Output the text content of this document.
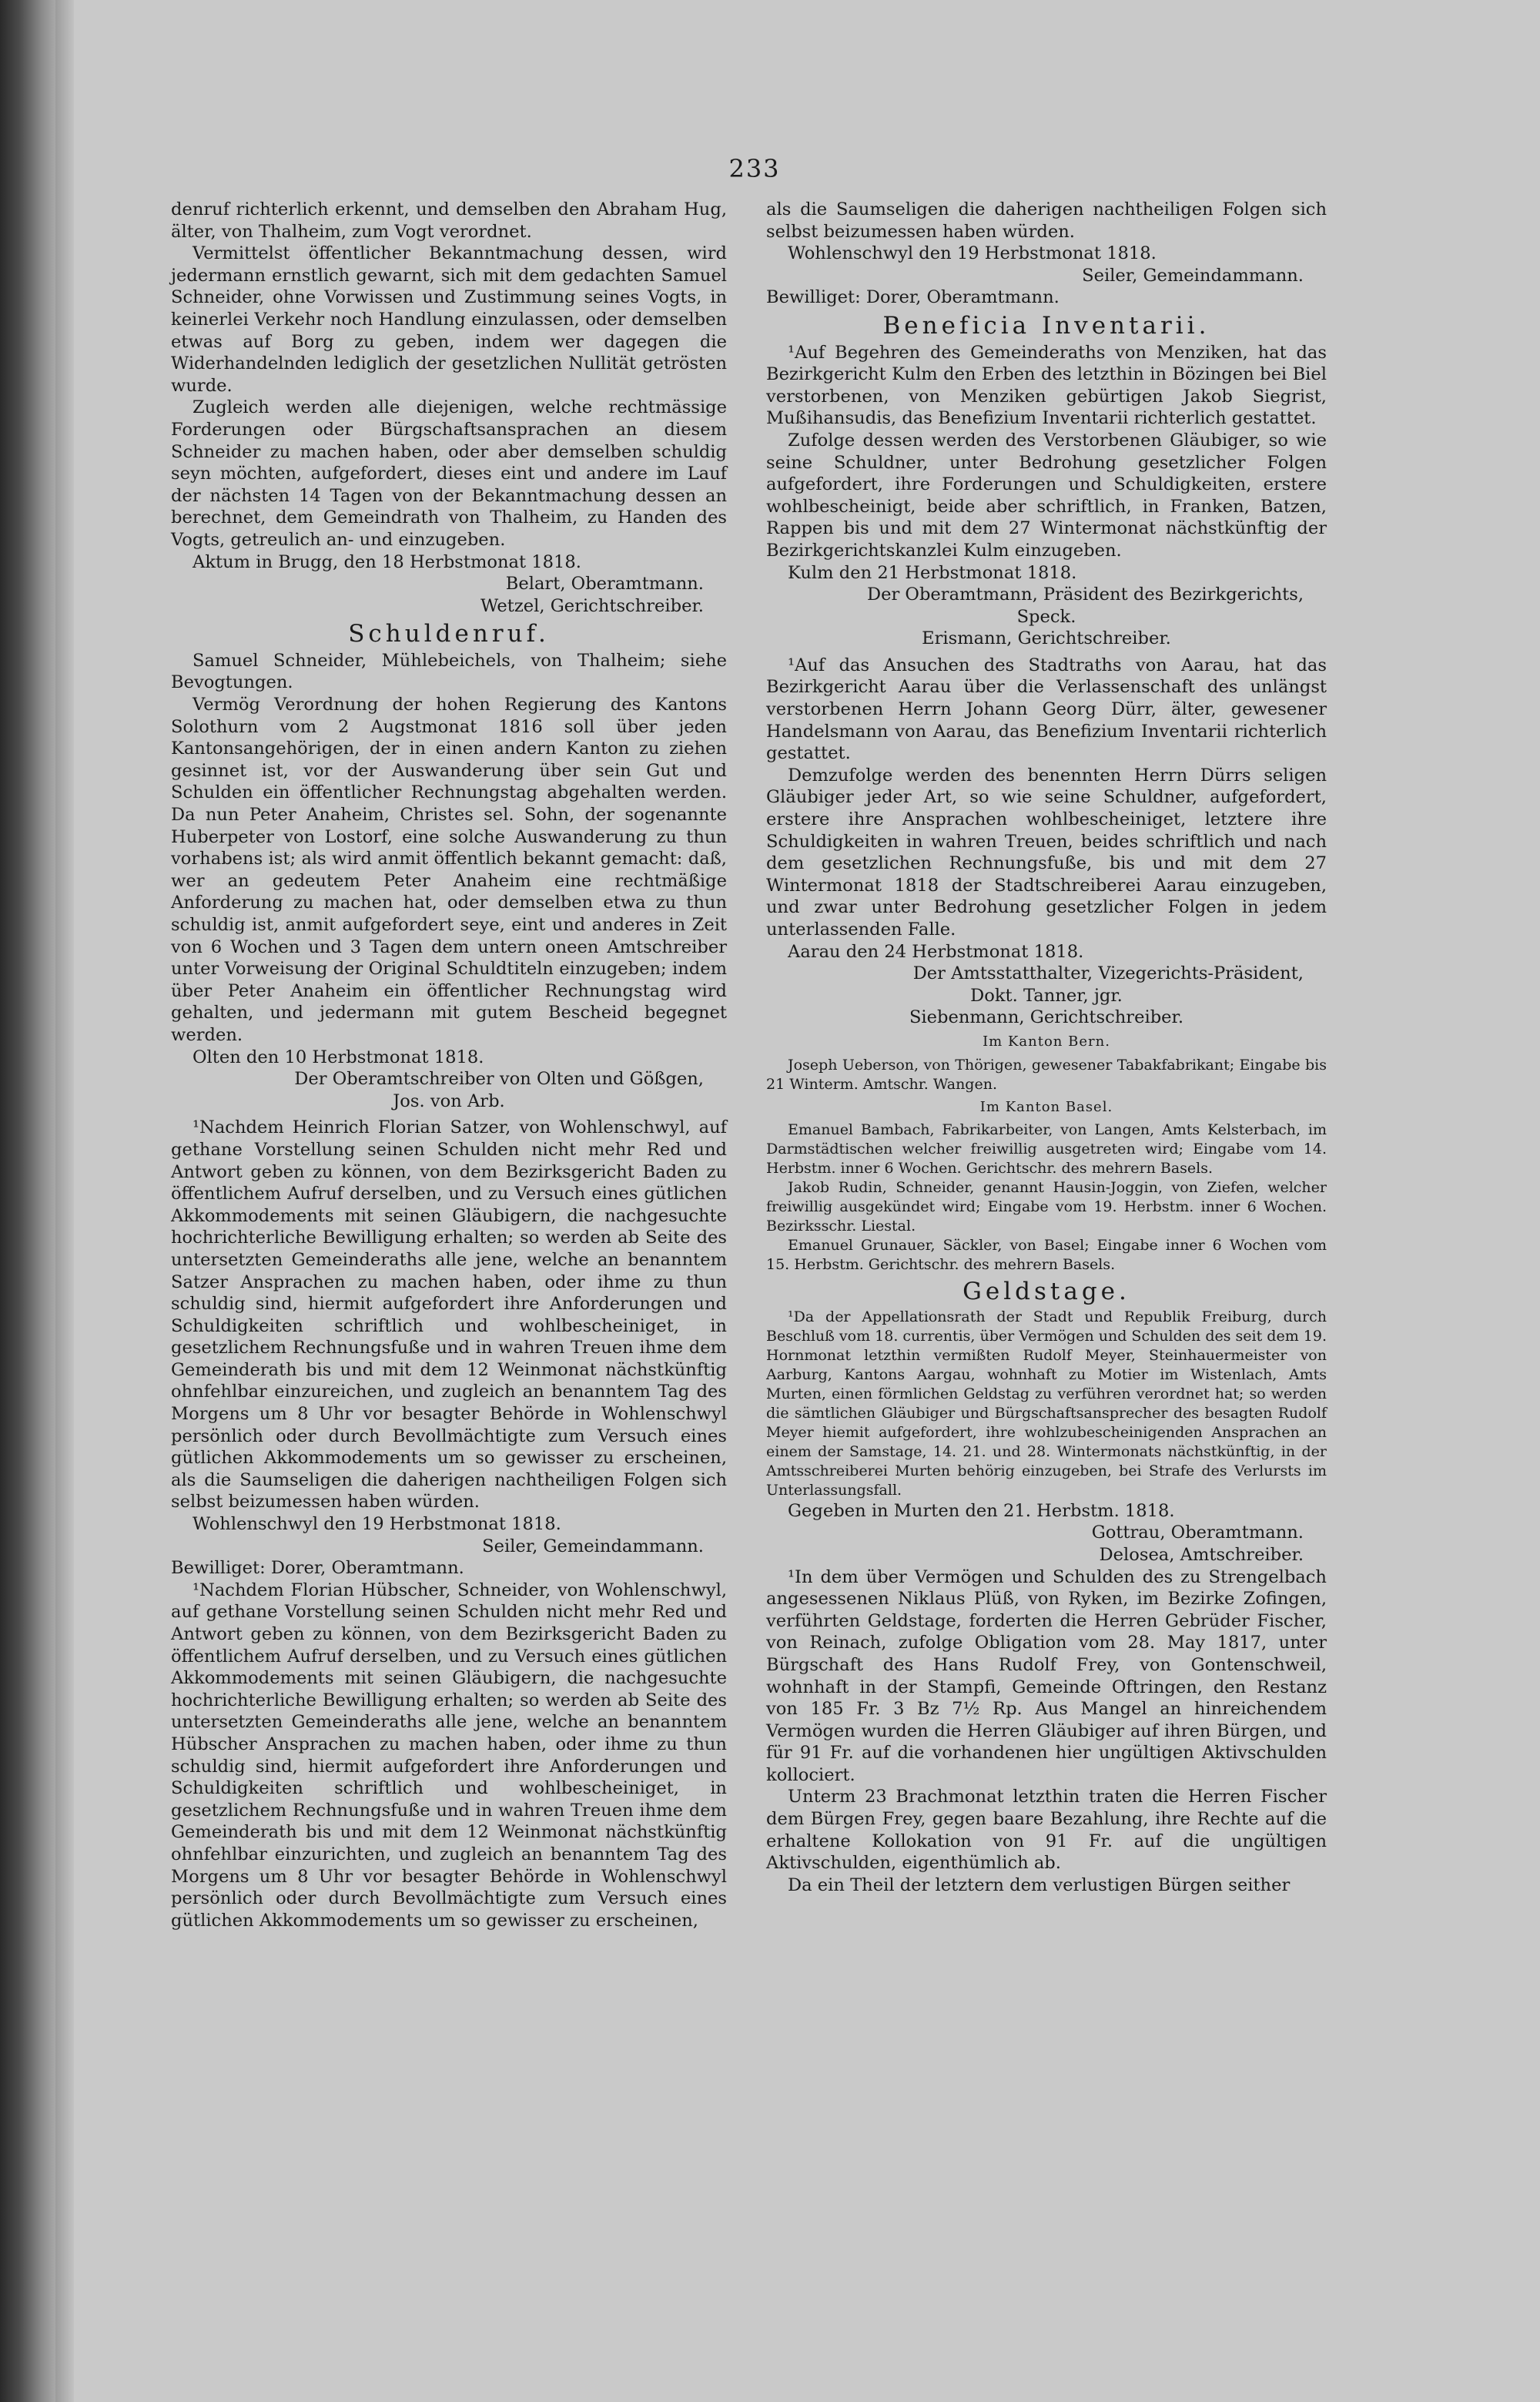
233

denruf richterlich erkennt, und demselben den Abraham Hug, älter, von Thalheim, zum Vogt verordnet.

Vermittelst öffentlicher Bekanntmachung dessen, wird jedermann ernstlich gewarnt, sich mit dem gedachten Samuel Schneider, ohne Vorwissen und Zustimmung seines Vogts, in keinerlei Verkehr noch Handlung einzulassen, oder demselben etwas auf Borg zu geben, indem wer dagegen die Widerhandelnden lediglich der gesetzlichen Nullität getrösten wurde.

Zugleich werden alle diejenigen, welche rechtmässige Forderungen oder Bürgschaftsansprachen an diesem Schneider zu machen haben, oder aber demselben schuldig seyn möchten, aufgefordert, dieses eint und andere im Lauf der nächsten 14 Tagen von der Bekanntmachung dessen an berechnet, dem Gemeindrath von Thalheim, zu Handen des Vogts, getreulich an- und einzugeben.

Aktum in Brugg, den 18 Herbstmonat 1818.

Belart, Oberamtmann.

Wetzel, Gerichtschreiber.

Schuldenruf.

Samuel Schneider, Mühlebeichels, von Thalheim; siehe Bevogtungen.

Vermög Verordnung der hohen Regierung des Kantons Solothurn vom 2 Augstmonat 1816 soll über jeden Kantonsangehörigen, der in einen andern Kanton zu ziehen gesinnet ist, vor der Auswanderung über sein Gut und Schulden ein öffentlicher Rechnungstag abgehalten werden. Da nun Peter Anaheim, Christes sel. Sohn, der sogenannte Huberpeter von Lostorf, eine solche Auswanderung zu thun vorhabens ist; als wird anmit öffentlich bekannt gemacht: daß, wer an gedeutem Peter Anaheim eine rechtmäßige Anforderung zu machen hat, oder demselben etwa zu thun schuldig ist, anmit aufgefordert seye, eint und anderes in Zeit von 6 Wochen und 3 Tagen dem untern oneen Amtschreiber unter Vorweisung der Original Schuldtiteln einzugeben; indem über Peter Anaheim ein öffentlicher Rechnungstag wird gehalten, und jedermann mit gutem Bescheid begegnet werden.

Olten den 10 Herbstmonat 1818.

Der Oberamtschreiber von Olten und Gößgen,

Jos. von Arb.

¹Nachdem Heinrich Florian Satzer, von Wohlenschwyl, auf gethane Vorstellung seinen Schulden nicht mehr Red und Antwort geben zu können, von dem Bezirksgericht Baden zu öffentlichem Aufruf derselben, und zu Versuch eines gütlichen Akkommodements mit seinen Gläubigern, die nachgesuchte hochrichterliche Bewilligung erhalten; so werden ab Seite des untersetzten Gemeinderaths alle jene, welche an benanntem Satzer Ansprachen zu machen haben, oder ihme zu thun schuldig sind, hiermit aufgefordert ihre Anforderungen und Schuldigkeiten schriftlich und wohlbescheiniget, in gesetzlichem Rechnungsfuße und in wahren Treuen ihme dem Gemeinderath bis und mit dem 12 Weinmonat nächstkünftig ohnfehlbar einzureichen, und zugleich an benanntem Tag des Morgens um 8 Uhr vor besagter Behörde in Wohlenschwyl persönlich oder durch Bevollmächtigte zum Versuch eines gütlichen Akkommodements um so gewisser zu erscheinen, als die Saumseligen die daherigen nachtheiligen Folgen sich selbst beizumessen haben würden.

Wohlenschwyl den 19 Herbstmonat 1818.

Seiler, Gemeindammann.

Bewilliget: Dorer, Oberamtmann.

¹Nachdem Florian Hübscher, Schneider, von Wohlenschwyl, auf gethane Vorstellung seinen Schulden nicht mehr Red und Antwort geben zu können, von dem Bezirksgericht Baden zu öffentlichem Aufruf derselben, und zu Versuch eines gütlichen Akkommodements mit seinen Gläubigern, die nachgesuchte hochrichterliche Bewilligung erhalten; so werden ab Seite des untersetzten Gemeinderaths alle jene, welche an benanntem Hübscher Ansprachen zu machen haben, oder ihme zu thun schuldig sind, hiermit aufgefordert ihre Anforderungen und Schuldigkeiten schriftlich und wohlbescheiniget, in gesetzlichem Rechnungsfuße und in wahren Treuen ihme dem Gemeinderath bis und mit dem 12 Weinmonat nächstkünftig ohnfehlbar einzurichten, und zugleich an benanntem Tag des Morgens um 8 Uhr vor besagter Behörde in Wohlenschwyl persönlich oder durch Bevollmächtigte zum Versuch eines gütlichen Akkommodements um so gewisser zu erscheinen,

als die Saumseligen die daherigen nachtheiligen Folgen sich selbst beizumessen haben würden.

Wohlenschwyl den 19 Herbstmonat 1818.

Seiler, Gemeindammann.

Bewilliget: Dorer, Oberamtmann.

Beneficia Inventarii.

¹Auf Begehren des Gemeinderaths von Menziken, hat das Bezirkgericht Kulm den Erben des letzthin in Bözingen bei Biel verstorbenen, von Menziken gebürtigen Jakob Siegrist, Mußihansudis, das Benefizium Inventarii richterlich gestattet.

Zufolge dessen werden des Verstorbenen Gläubiger, so wie seine Schuldner, unter Bedrohung gesetzlicher Folgen aufgefordert, ihre Forderungen und Schuldigkeiten, erstere wohlbescheinigt, beide aber schriftlich, in Franken, Batzen, Rappen bis und mit dem 27 Wintermonat nächstkünftig der Bezirkgerichtskanzlei Kulm einzugeben.

Kulm den 21 Herbstmonat 1818.

Der Oberamtmann, Präsident des Bezirkgerichts,

Speck.

Erismann, Gerichtschreiber.

¹Auf das Ansuchen des Stadtraths von Aarau, hat das Bezirkgericht Aarau über die Verlassenschaft des unlängst verstorbenen Herrn Johann Georg Dürr, älter, gewesener Handelsmann von Aarau, das Benefizium Inventarii richterlich gestattet.

Demzufolge werden des benennten Herrn Dürrs seligen Gläubiger jeder Art, so wie seine Schuldner, aufgefordert, erstere ihre Ansprachen wohlbescheiniget, letztere ihre Schuldigkeiten in wahren Treuen, beides schriftlich und nach dem gesetzlichen Rechnungsfuße, bis und mit dem 27 Wintermonat 1818 der Stadtschreiberei Aarau einzugeben, und zwar unter Bedrohung gesetzlicher Folgen in jedem unterlassenden Falle.

Aarau den 24 Herbstmonat 1818.

Der Amtsstatthalter, Vizegerichts-Präsident,

Dokt. Tanner, jgr.

Siebenmann, Gerichtschreiber.

Im Kanton Bern.

Joseph Ueberson, von Thörigen, gewesener Tabakfabrikant; Eingabe bis 21 Winterm. Amtschr. Wangen.

Im Kanton Basel.

Emanuel Bambach, Fabrikarbeiter, von Langen, Amts Kelsterbach, im Darmstädtischen welcher freiwillig ausgetreten wird; Eingabe vom 14. Herbstm. inner 6 Wochen. Gerichtschr. des mehrern Basels.

Jakob Rudin, Schneider, genannt Hausin-Joggin, von Ziefen, welcher freiwillig ausgekündet wird; Eingabe vom 19. Herbstm. inner 6 Wochen. Bezirksschr. Liestal.

Emanuel Grunauer, Säckler, von Basel; Eingabe inner 6 Wochen vom 15. Herbstm. Gerichtschr. des mehrern Basels.

Geldstage.

¹Da der Appellationsrath der Stadt und Republik Freiburg, durch Beschluß vom 18. currentis, über Vermögen und Schulden des seit dem 19. Hornmonat letzthin vermißten Rudolf Meyer, Steinhauermeister von Aarburg, Kantons Aargau, wohnhaft zu Motier im Wistenlach, Amts Murten, einen förmlichen Geldstag zu verführen verordnet hat; so werden die sämtlichen Gläubiger und Bürgschaftsansprecher des besagten Rudolf Meyer hiemit aufgefordert, ihre wohlzubescheinigenden Ansprachen an einem der Samstage, 14. 21. und 28. Wintermonats nächstkünftig, in der Amtsschreiberei Murten behörig einzugeben, bei Strafe des Verlursts im Unterlassungsfall.

Gegeben in Murten den 21. Herbstm. 1818.

Gottrau, Oberamtmann.

Delosea, Amtschreiber.

¹In dem über Vermögen und Schulden des zu Strengelbach angesessenen Niklaus Plüß, von Ryken, im Bezirke Zofingen, verführten Geldstage, forderten die Herren Gebrüder Fischer, von Reinach, zufolge Obligation vom 28. May 1817, unter Bürgschaft des Hans Rudolf Frey, von Gontenschweil, wohnhaft in der Stampfi, Gemeinde Oftringen, den Restanz von 185 Fr. 3 Bz 7½ Rp. Aus Mangel an hinreichendem Vermögen wurden die Herren Gläubiger auf ihren Bürgen, und für 91 Fr. auf die vorhandenen hier ungültigen Aktivschulden kollociert.

Unterm 23 Brachmonat letzthin traten die Herren Fischer dem Bürgen Frey, gegen baare Bezahlung, ihre Rechte auf die erhaltene Kollokation von 91 Fr. auf die ungültigen Aktivschulden, eigenthümlich ab.

Da ein Theil der letztern dem verlustigen Bürgen seither
